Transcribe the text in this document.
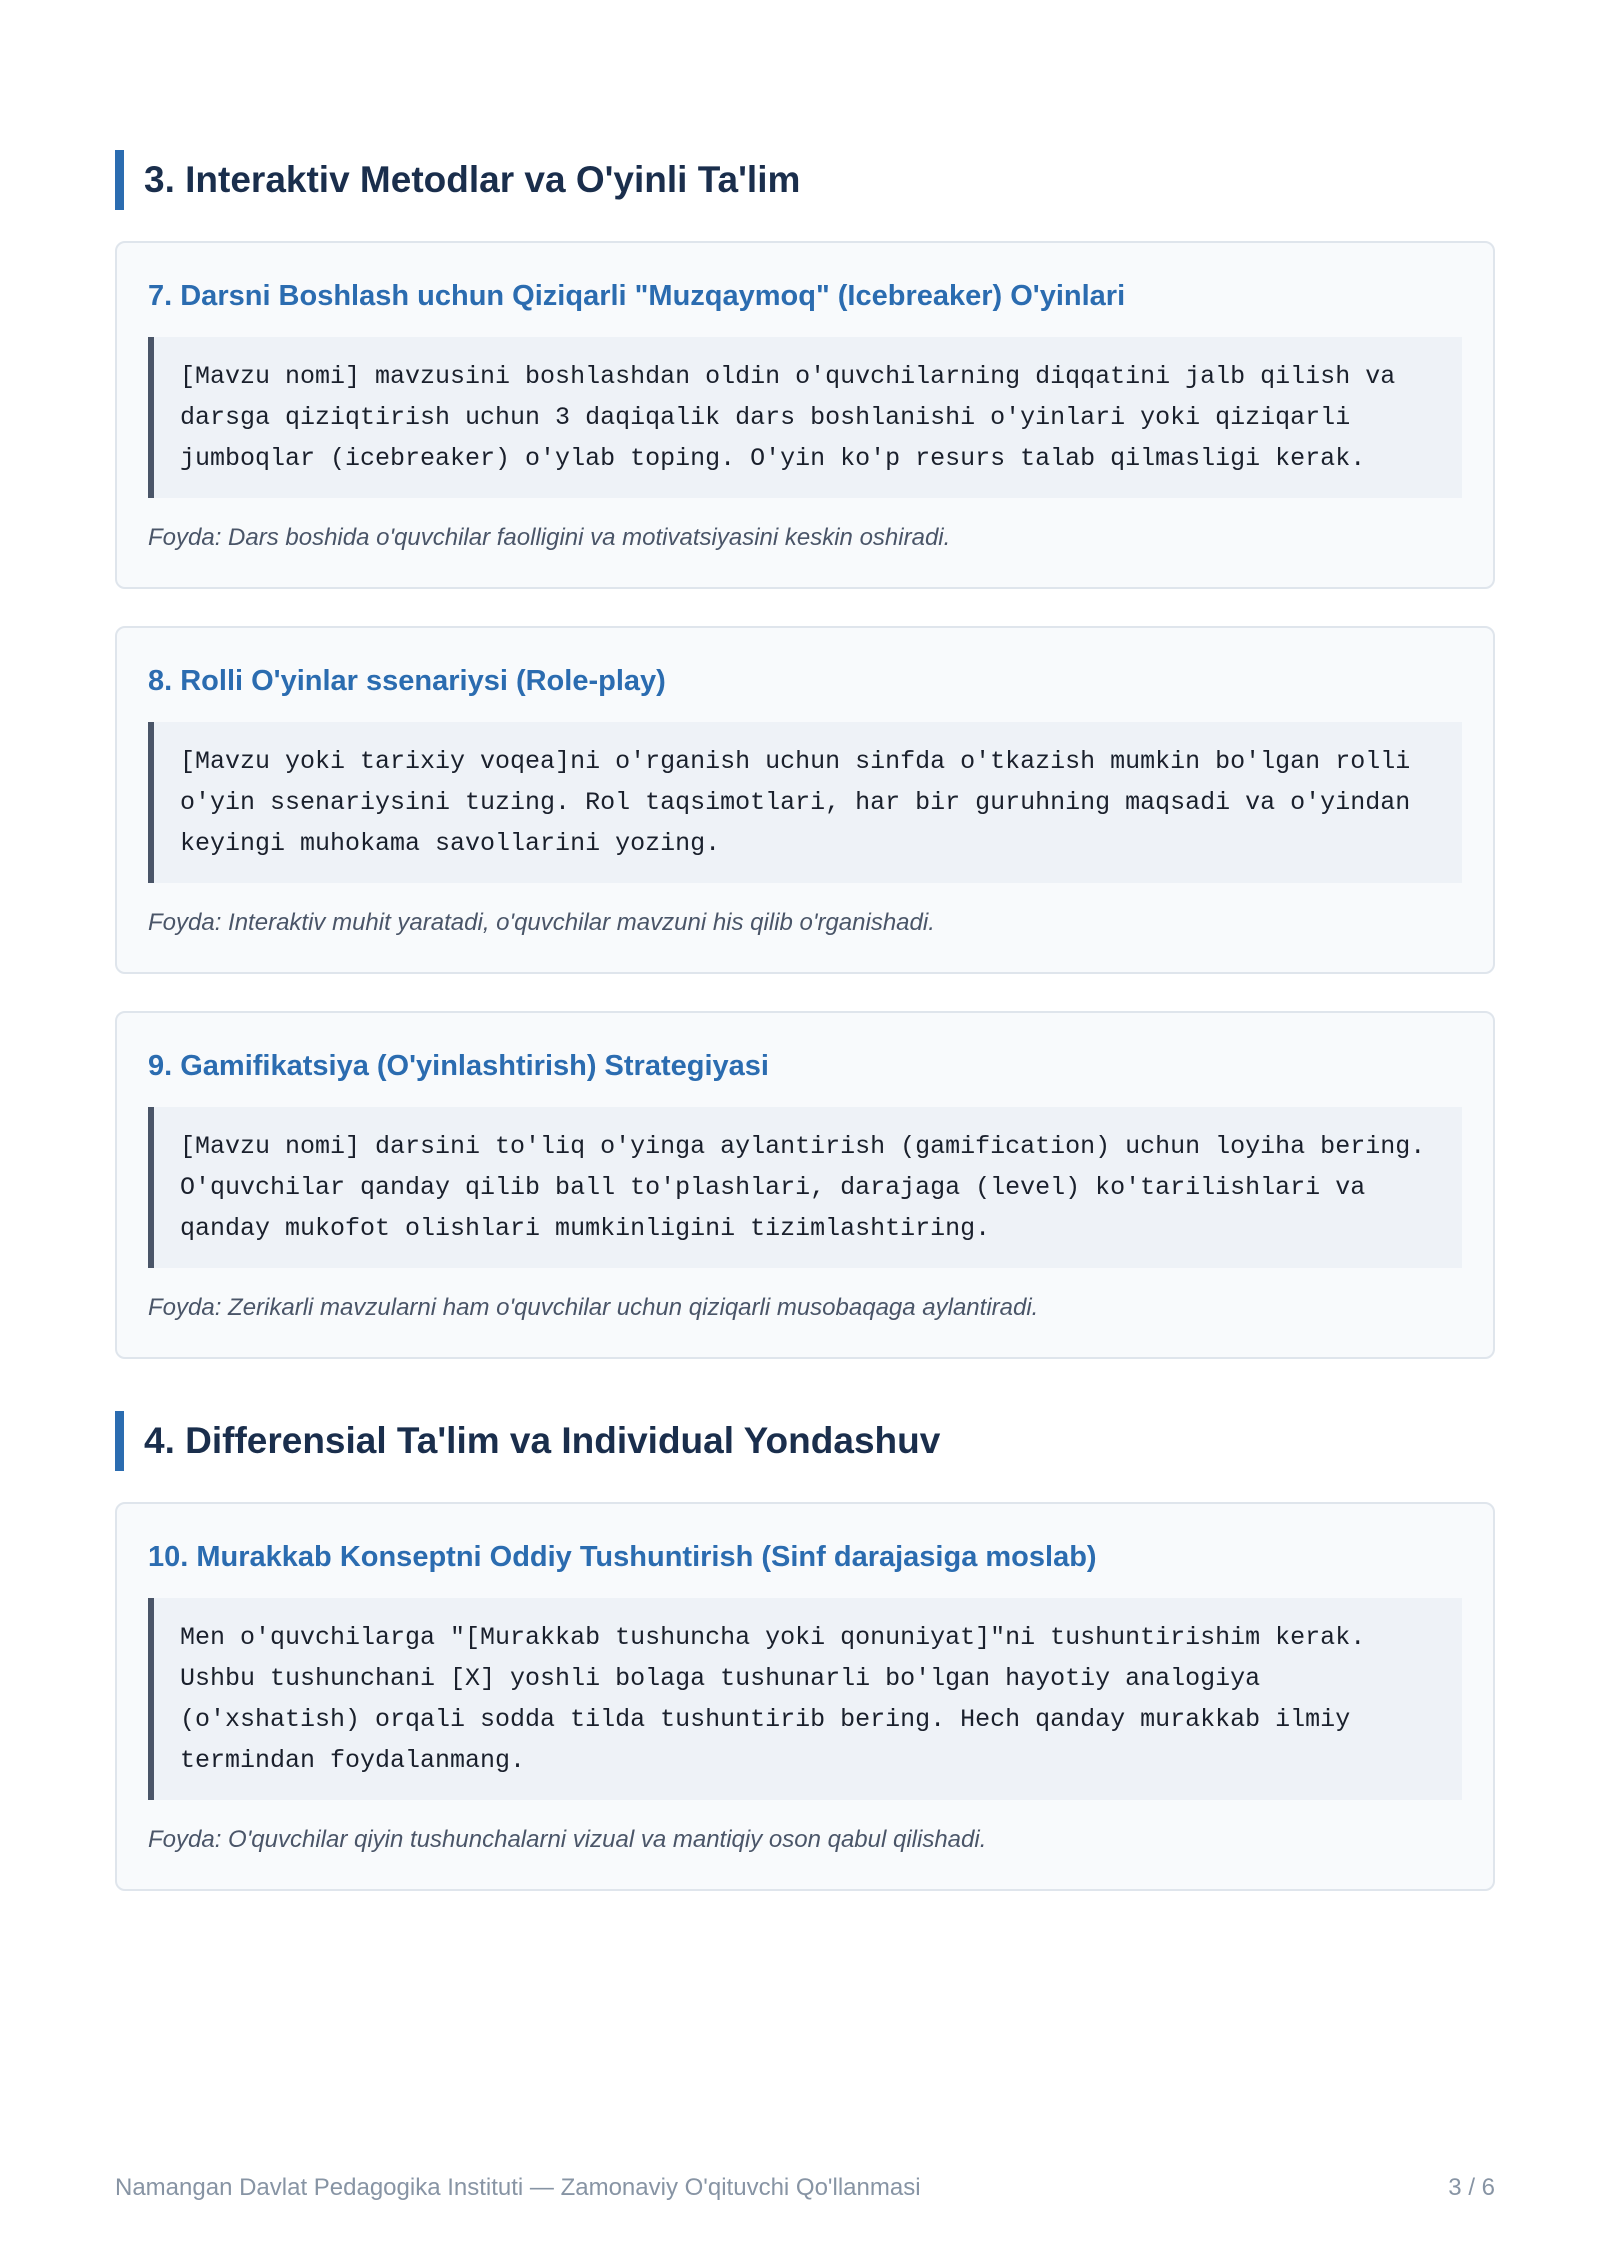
3. Interaktiv Metodlar va O'yinli Ta'lim
7. Darsni Boshlash uchun Qiziqarli "Muzqaymoq" (Icebreaker) O'yinlari
[Mavzu nomi] mavzusini boshlashdan oldin o'quvchilarning diqqatini jalb qilish va darsga qiziqtirish uchun 3 daqiqalik dars boshlanishi o'yinlari yoki qiziqarli jumboqlar (icebreaker) o'ylab toping. O'yin ko'p resurs talab qilmasligi kerak.
Foyda: Dars boshida o'quvchilar faolligini va motivatsiyasini keskin oshiradi.
8. Rolli O'yinlar ssenariysi (Role-play)
[Mavzu yoki tarixiy voqea]ni o'rganish uchun sinfda o'tkazish mumkin bo'lgan rolli o'yin ssenariysini tuzing. Rol taqsimotlari, har bir guruhning maqsadi va o'yindan keyingi muhokama savollarini yozing.
Foyda: Interaktiv muhit yaratadi, o'quvchilar mavzuni his qilib o'rganishadi.
9. Gamifikatsiya (O'yinlashtirish) Strategiyasi
[Mavzu nomi] darsini to'liq o'yinga aylantirish (gamification) uchun loyiha bering. O'quvchilar qanday qilib ball to'plashlari, darajaga (level) ko'tarilishlari va qanday mukofot olishlari mumkinligini tizimlashtiring.
Foyda: Zerikarli mavzularni ham o'quvchilar uchun qiziqarli musobaqaga aylantiradi.
4. Differensial Ta'lim va Individual Yondashuv
10. Murakkab Konseptni Oddiy Tushuntirish (Sinf darajasiga moslab)
Men o'quvchilarga "[Murakkab tushuncha yoki qonuniyat]"ni tushuntirishim kerak. Ushbu tushunchani [X] yoshli bolaga tushunarli bo'lgan hayotiy analogiya (o'xshatish) orqali sodda tilda tushuntirib bering. Hech qanday murakkab ilmiy termindan foydalanmang.
Foyda: O'quvchilar qiyin tushunchalarni vizual va mantiqiy oson qabul qilishadi.
Namangan Davlat Pedagogika Instituti — Zamonaviy O'qituvchi Qo'llanmasi	3 / 6
